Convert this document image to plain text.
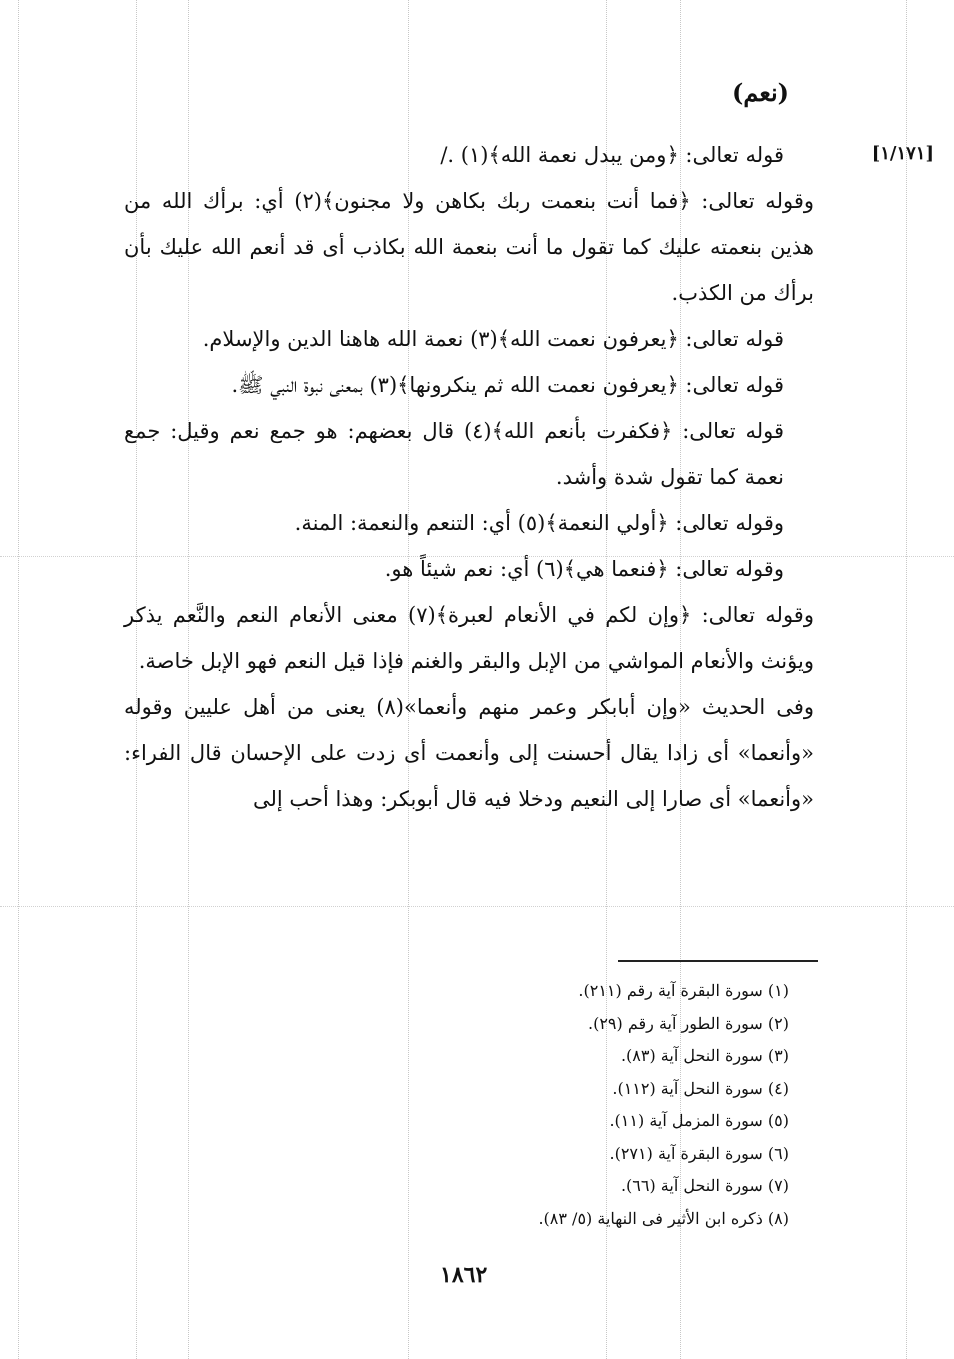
(نعم)
[١/١٧١]

قوله تعالى: ﴿ومن يبدل نعمة الله﴾(١) ./

وقوله تعالى: ﴿فما أنت بنعمت ربك بكاهن ولا مجنون﴾(٢) أي: برأك الله من هذين بنعمته عليك كما تقول ما أنت بنعمة الله بكاذب أى قد أنعم الله عليك بأن برأك من الكذب.

قوله تعالى: ﴿يعرفون نعمت الله﴾(٣) نعمة الله هاهنا الدين والإسلام.

قوله تعالى: ﴿يعرفون نعمت الله ثم ينكرونها﴾(٣) بمعنى نبوة النبي ﷺ.

قوله تعالى: ﴿فكفرت بأنعم الله﴾(٤) قال بعضهم: هو جمع نعم وقيل: جمع نعمة كما تقول شدة وأشد.

وقوله تعالى: ﴿أولي النعمة﴾(٥) أي: التنعم والنعمة: المنة.

وقوله تعالى: ﴿فنعما هي﴾(٦) أي: نعم شيئاً هو.

وقوله تعالى: ﴿وإن لكم في الأنعام لعبرة﴾(٧) معنى الأنعام النعم والنَّعم يذكر ويؤنث والأنعام المواشي من الإبل والبقر والغنم فإذا قيل النعم فهو الإبل خاصة.

وفى الحديث «وإن أبابكر وعمر منهم وأنعما»(٨) يعنى من أهل عليين وقوله «وأنعما» أى زادا يقال أحسنت إلى وأنعمت أى زدت على الإحسان قال الفراء: «وأنعما» أى صارا إلى النعيم ودخلا فيه قال أبوبكر: وهذا أحب إلى

(١) سورة البقرة آية رقم (٢١١).

(٢) سورة الطور آية رقم (٢٩).

(٣) سورة النحل آية (٨٣).

(٤) سورة النحل آية (١١٢).

(٥) سورة المزمل آية (١١).

(٦) سورة البقرة آية (٢٧١).

(٧) سورة النحل آية (٦٦).

(٨) ذكره ابن الأثير فى النهاية (٥/ ٨٣).

١٨٦٢
